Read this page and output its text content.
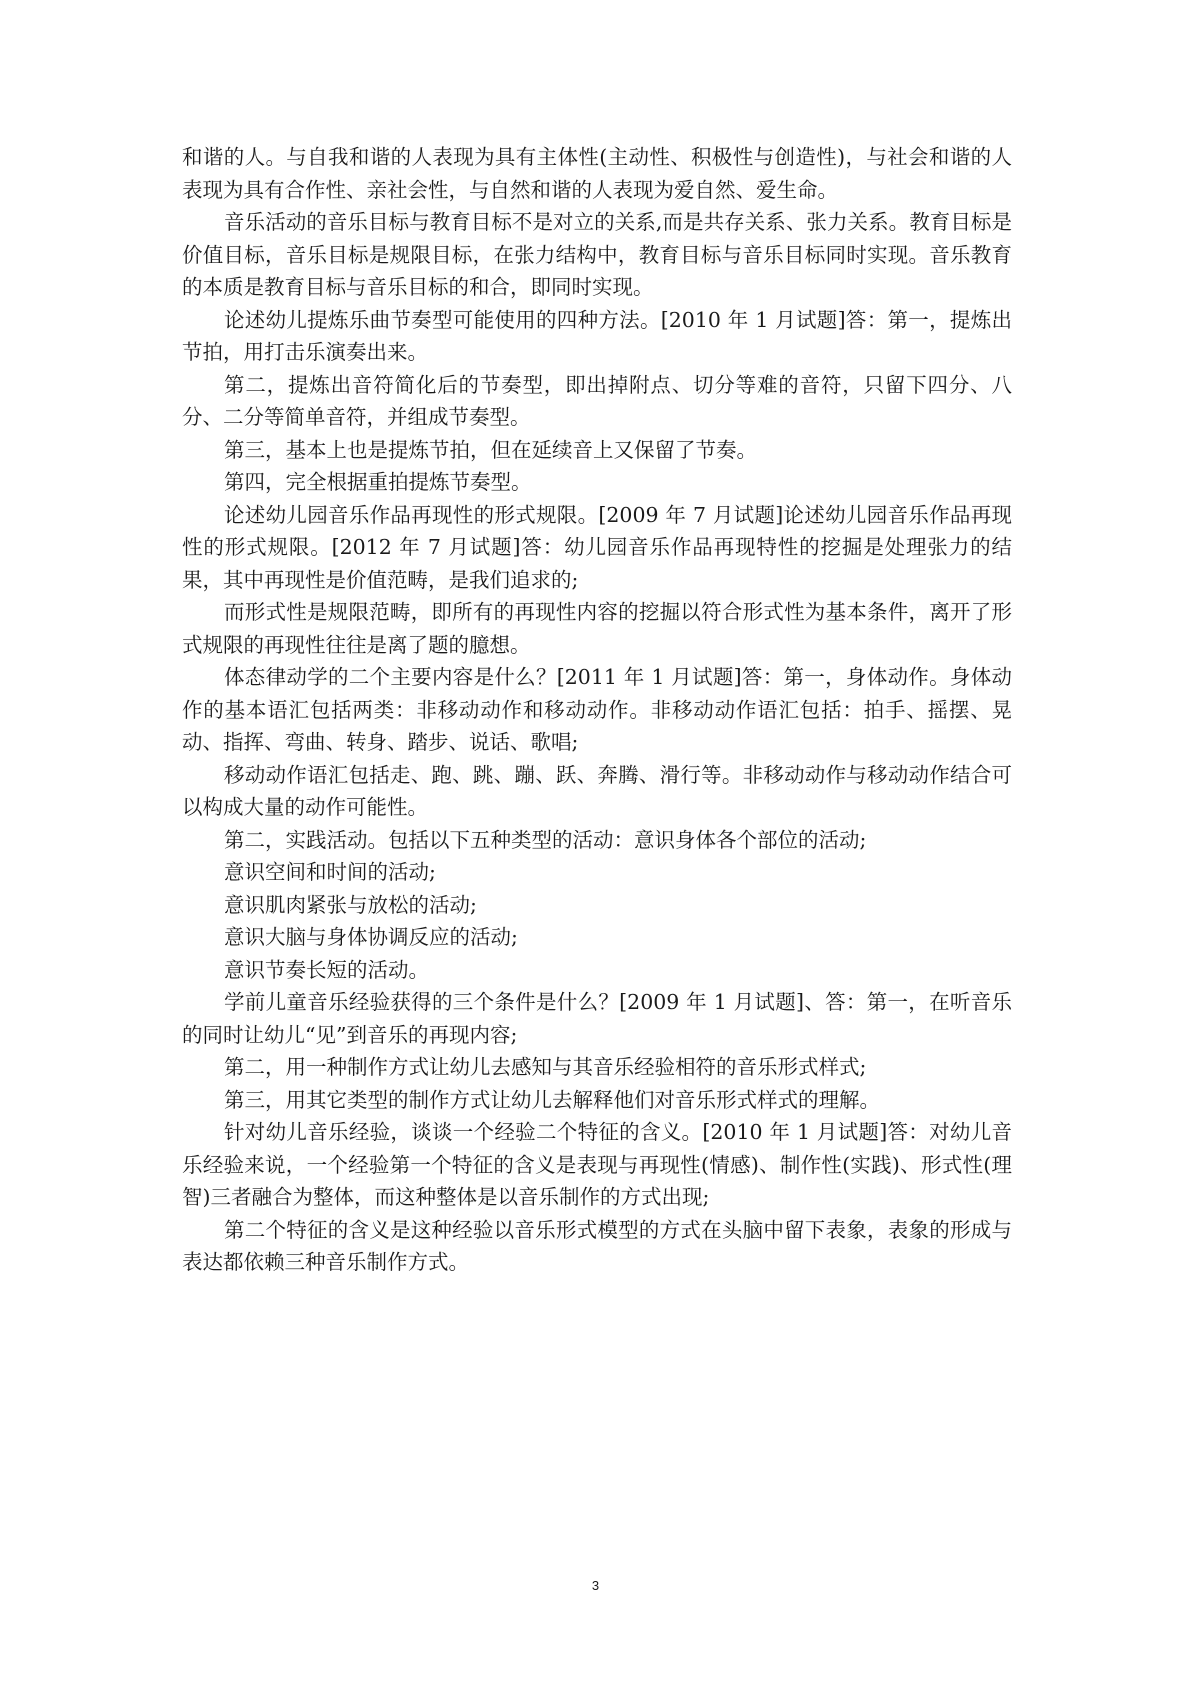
和谐的人。与自我和谐的人表现为具有主体性(主动性、积极性与创造性)，与社会和谐的人表现为具有合作性、亲社会性，与自然和谐的人表现为爱自然、爱生命。

音乐活动的音乐目标与教育目标不是对立的关系,而是共存关系、张力关系。教育目标是价值目标，音乐目标是规限目标，在张力结构中，教育目标与音乐目标同时实现。音乐教育的本质是教育目标与音乐目标的和合，即同时实现。

论述幼儿提炼乐曲节奏型可能使用的四种方法。[2010 年 1 月试题]答：第一，提炼出节拍，用打击乐演奏出来。

第二，提炼出音符简化后的节奏型，即出掉附点、切分等难的音符，只留下四分、八分、二分等简单音符，并组成节奏型。

第三，基本上也是提炼节拍，但在延续音上又保留了节奏。

第四，完全根据重拍提炼节奏型。

论述幼儿园音乐作品再现性的形式规限。[2009 年 7 月试题]论述幼儿园音乐作品再现性的形式规限。[2012 年 7 月试题]答：幼儿园音乐作品再现特性的挖掘是处理张力的结果，其中再现性是价值范畴，是我们追求的;

而形式性是规限范畴，即所有的再现性内容的挖掘以符合形式性为基本条件，离开了形式规限的再现性往往是离了题的臆想。

体态律动学的二个主要内容是什么？[2011 年 1 月试题]答：第一，身体动作。身体动作的基本语汇包括两类：非移动动作和移动动作。非移动动作语汇包括：拍手、摇摆、晃动、指挥、弯曲、转身、踏步、说话、歌唱;

移动动作语汇包括走、跑、跳、蹦、跃、奔腾、滑行等。非移动动作与移动动作结合可以构成大量的动作可能性。

第二，实践活动。包括以下五种类型的活动：意识身体各个部位的活动;

意识空间和时间的活动;

意识肌肉紧张与放松的活动;

意识大脑与身体协调反应的活动;

意识节奏长短的活动。

学前儿童音乐经验获得的三个条件是什么？[2009 年 1 月试题]、答：第一，在听音乐的同时让幼儿“见”到音乐的再现内容;

第二，用一种制作方式让幼儿去感知与其音乐经验相符的音乐形式样式;

第三，用其它类型的制作方式让幼儿去解释他们对音乐形式样式的理解。

针对幼儿音乐经验，谈谈一个经验二个特征的含义。[2010 年 1 月试题]答：对幼儿音乐经验来说，一个经验第一个特征的含义是表现与再现性(情感)、制作性(实践)、形式性(理智)三者融合为整体，而这种整体是以音乐制作的方式出现;

第二个特征的含义是这种经验以音乐形式模型的方式在头脑中留下表象，表象的形成与表达都依赖三种音乐制作方式。

3
